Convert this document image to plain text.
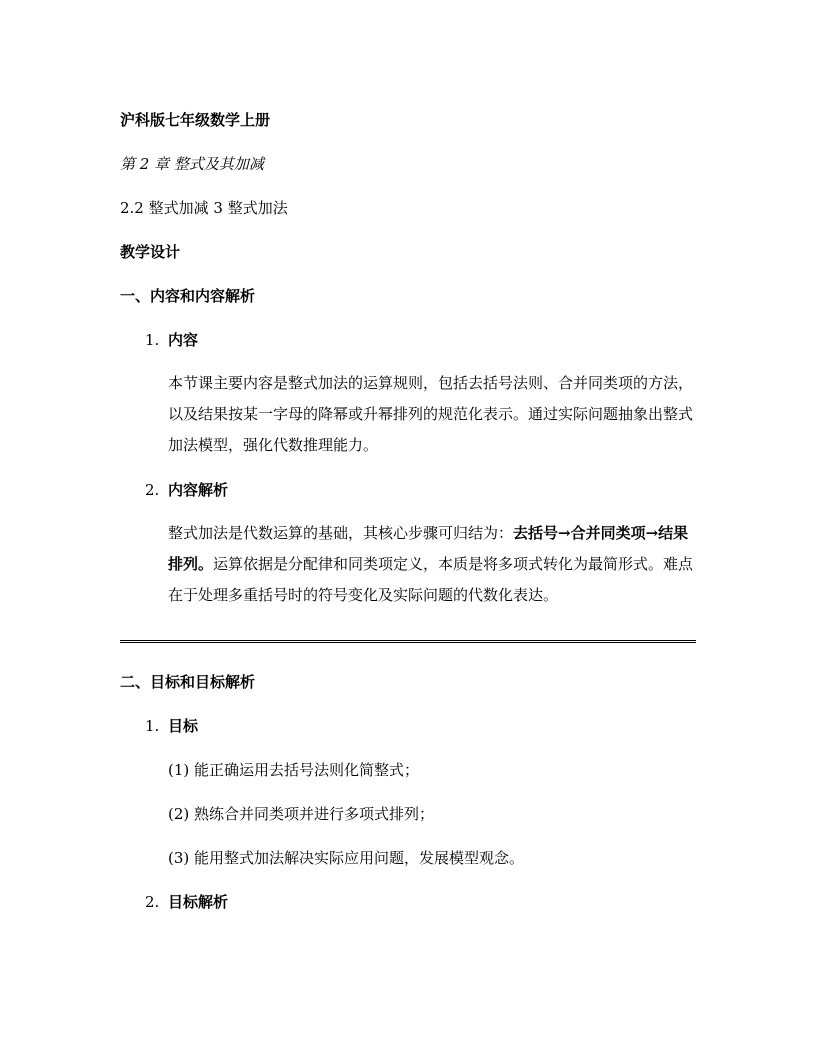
沪科版七年级数学上册
第 2 章 整式及其加减
2.2 整式加减 3 整式加法
教学设计
一、内容和内容解析
1. 内容
本节课主要内容是整式加法的运算规则，包括去括号法则、合并同类项的方法，以及结果按某一字母的降幂或升幂排列的规范化表示。通过实际问题抽象出整式加法模型，强化代数推理能力。
2. 内容解析
整式加法是代数运算的基础，其核心步骤可归结为：去括号→合并同类项→结果排列。运算依据是分配律和同类项定义，本质是将多项式转化为最简形式。难点在于处理多重括号时的符号变化及实际问题的代数化表达。
二、目标和目标解析
1. 目标
(1) 能正确运用去括号法则化简整式；
(2) 熟练合并同类项并进行多项式排列；
(3) 能用整式加法解决实际应用问题，发展模型观念。
2. 目标解析
